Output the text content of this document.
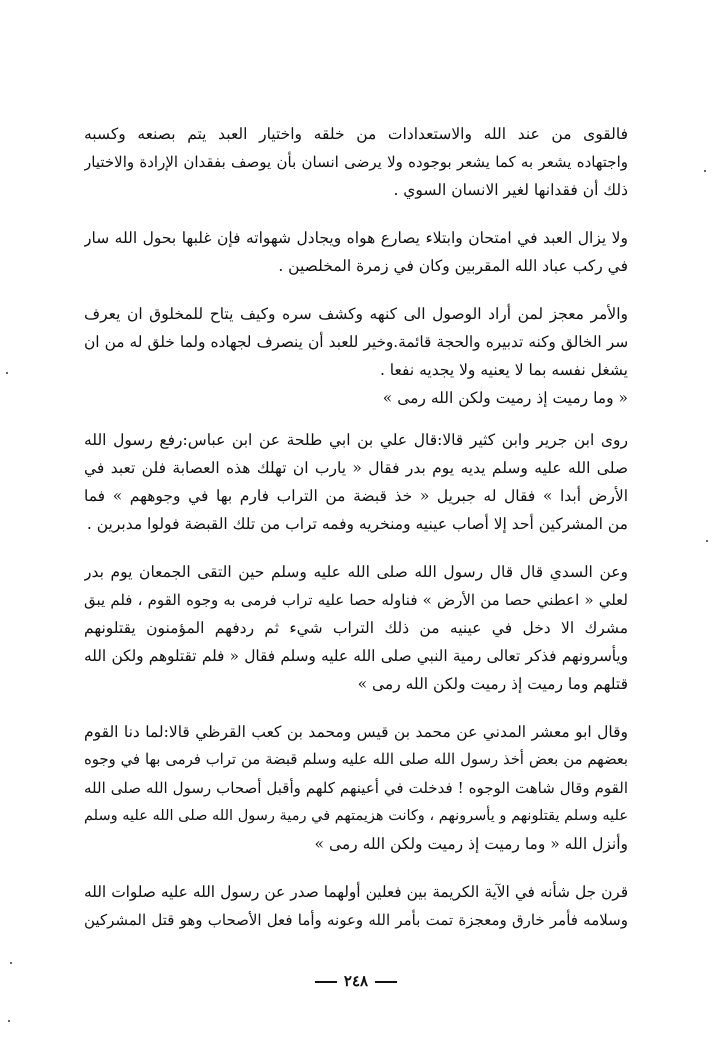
فالقوى من عند الله والاستعدادات من خلقه واختيار العبد يتم بصنعه وكسبه
واجتهاده يشعر به كما يشعر بوجوده ولا يرضى انسان بأن يوصف بفقدان الإرادة والاختيار
ذلك أن فقدانها لغير الانسان السوي .

ولا يزال العبد في امتحان وابتلاء يصارع هواه ويجادل شهواته فإن غلبها بحول الله سار
في ركب عباد الله المقربين وكان في زمرة المخلصين .

والأمر معجز لمن أراد الوصول الى كنهه وكشف سره وكيف يتاح للمخلوق ان يعرف
سر الخالق وكنه تدبيره والحجة قائمة.وخير للعبد أن ينصرف لجهاده ولما خلق له من ان
يشغل نفسه بما لا يعنيه ولا يجديه نفعا .
« وما رميت إذ رميت ولكن الله رمى »

روى ابن جرير وابن كثير قالا:قال علي بن ابي طلحة عن ابن عباس:رفع رسول الله
صلى الله عليه وسلم يديه يوم بدر فقال « يارب ان تهلك هذه العصابة فلن تعبد في
الأرض أبدا » فقال له جبريل « خذ قبضة من التراب فارم بها في وجوههم » فما
من المشركين أحد إلا أصاب عينيه ومنخريه وفمه تراب من تلك القبضة فولوا مدبرين .

وعن السدي قال قال رسول الله صلى الله عليه وسلم حين التقى الجمعان يوم بدر
لعلي « اعطني حصا من الأرض » فناوله حصا عليه تراب فرمى به وجوه القوم ، فلم يبق
مشرك الا دخل في عينيه من ذلك التراب شيء ثم ردفهم المؤمنون يقتلونهم
ويأسرونهم فذكر تعالى رمية النبي صلى الله عليه وسلم فقال « فلم تقتلوهم ولكن الله
قتلهم وما رميت إذ رميت ولكن الله رمى »

وقال ابو معشر المدني عن محمد بن قيس ومحمد بن كعب القرظي قالا:لما دنا القوم
بعضهم من بعض أخذ رسول الله صلى الله عليه وسلم قبضة من تراب فرمى بها في وجوه
القوم وقال شاهت الوجوه ! فدخلت في أعينهم كلهم وأقبل أصحاب رسول الله صلى الله
عليه وسلم يقتلونهم و يأسرونهم ، وكانت هزيمتهم في رمية رسول الله صلى الله عليه وسلم
وأنزل الله « وما رميت إذ رميت ولكن الله رمى »

قرن جل شأنه في الآية الكريمة بين فعلين أولهما صدر عن رسول الله عليه صلوات الله
وسلامه فأمر خارق ومعجزة تمت بأمر الله وعونه وأما فعل الأصحاب وهو قتل المشركين

٢٤٨
